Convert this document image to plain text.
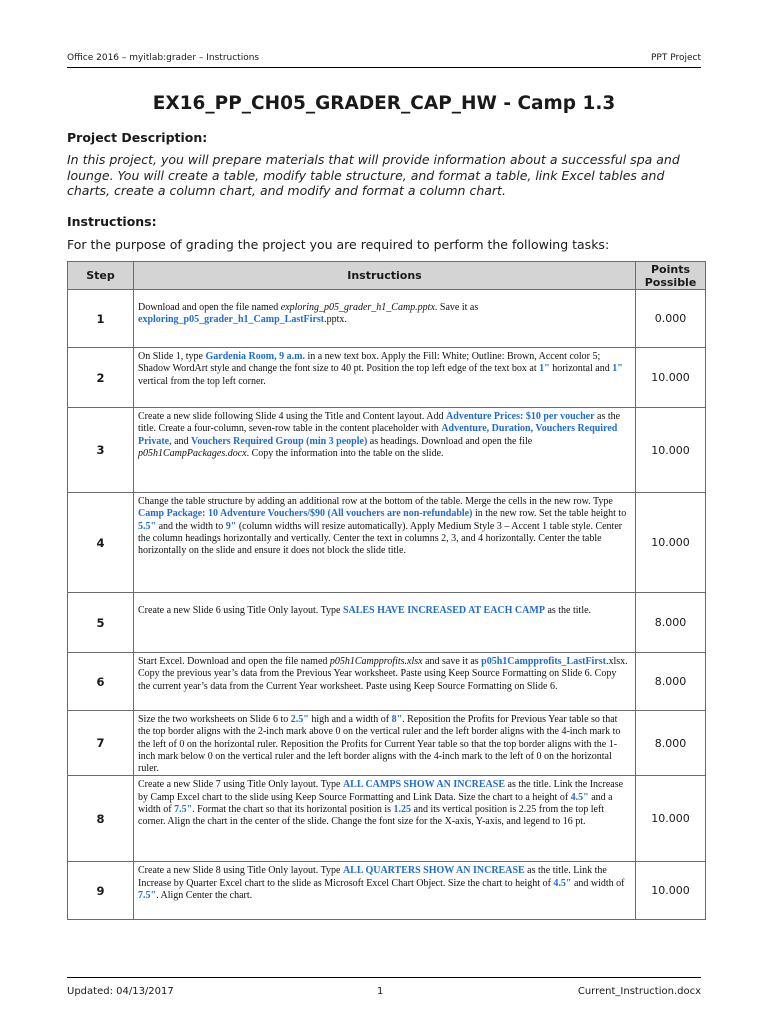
Office 2016 – myitlab:grader – Instructions	PPT Project
EX16_PP_CH05_GRADER_CAP_HW - Camp 1.3
Project Description:
In this project, you will prepare materials that will provide information about a successful spa and lounge. You will create a table, modify table structure, and format a table, link Excel tables and charts, create a column chart, and modify and format a column chart.
Instructions:
For the purpose of grading the project you are required to perform the following tasks:
Step	Instructions	Points Possible
1	Download and open the file named exploring_p05_grader_h1_Camp.pptx. Save it as exploring_p05_grader_h1_Camp_LastFirst.pptx.	0.000
2	On Slide 1, type Gardenia Room, 9 a.m. in a new text box. Apply the Fill: White; Outline: Brown, Accent color 5; Shadow WordArt style and change the font size to 40 pt. Position the top left edge of the text box at 1" horizontal and 1" vertical from the top left corner.	10.000
3	Create a new slide following Slide 4 using the Title and Content layout. Add Adventure Prices: $10 per voucher as the title. Create a four-column, seven-row table in the content placeholder with Adventure, Duration, Vouchers Required Private, and Vouchers Required Group (min 3 people) as headings. Download and open the file p05h1CampPackages.docx. Copy the information into the table on the slide.	10.000
4	Change the table structure by adding an additional row at the bottom of the table. Merge the cells in the new row. Type Camp Package: 10 Adventure Vouchers/$90 (All vouchers are non-refundable) in the new row. Set the table height to 5.5" and the width to 9" (column widths will resize automatically). Apply Medium Style 3 – Accent 1 table style. Center the column headings horizontally and vertically. Center the text in columns 2, 3, and 4 horizontally. Center the table horizontally on the slide and ensure it does not block the slide title.	10.000
5	Create a new Slide 6 using Title Only layout. Type SALES HAVE INCREASED AT EACH CAMP as the title.	8.000
6	Start Excel. Download and open the file named p05h1Campprofits.xlsx and save it as p05h1Campprofits_LastFirst.xlsx. Copy the previous year’s data from the Previous Year worksheet. Paste using Keep Source Formatting on Slide 6. Copy the current year’s data from the Current Year worksheet. Paste using Keep Source Formatting on Slide 6.	8.000
7	Size the two worksheets on Slide 6 to 2.5" high and a width of 8". Reposition the Profits for Previous Year table so that the top border aligns with the 2-inch mark above 0 on the vertical ruler and the left border aligns with the 4-inch mark to the left of 0 on the horizontal ruler. Reposition the Profits for Current Year table so that the top border aligns with the 1-inch mark below 0 on the vertical ruler and the left border aligns with the 4-inch mark to the left of 0 on the horizontal ruler.	8.000
8	Create a new Slide 7 using Title Only layout. Type ALL CAMPS SHOW AN INCREASE as the title. Link the Increase by Camp Excel chart to the slide using Keep Source Formatting and Link Data. Size the chart to a height of 4.5" and a width of 7.5". Format the chart so that its horizontal position is 1.25 and its vertical position is 2.25 from the top left corner. Align the chart in the center of the slide. Change the font size for the X-axis, Y-axis, and legend to 16 pt.	10.000
9	Create a new Slide 8 using Title Only layout. Type ALL QUARTERS SHOW AN INCREASE as the title. Link the Increase by Quarter Excel chart to the slide as Microsoft Excel Chart Object. Size the chart to height of 4.5" and width of 7.5". Align Center the chart.	10.000
Updated: 04/13/2017	1	Current_Instruction.docx
